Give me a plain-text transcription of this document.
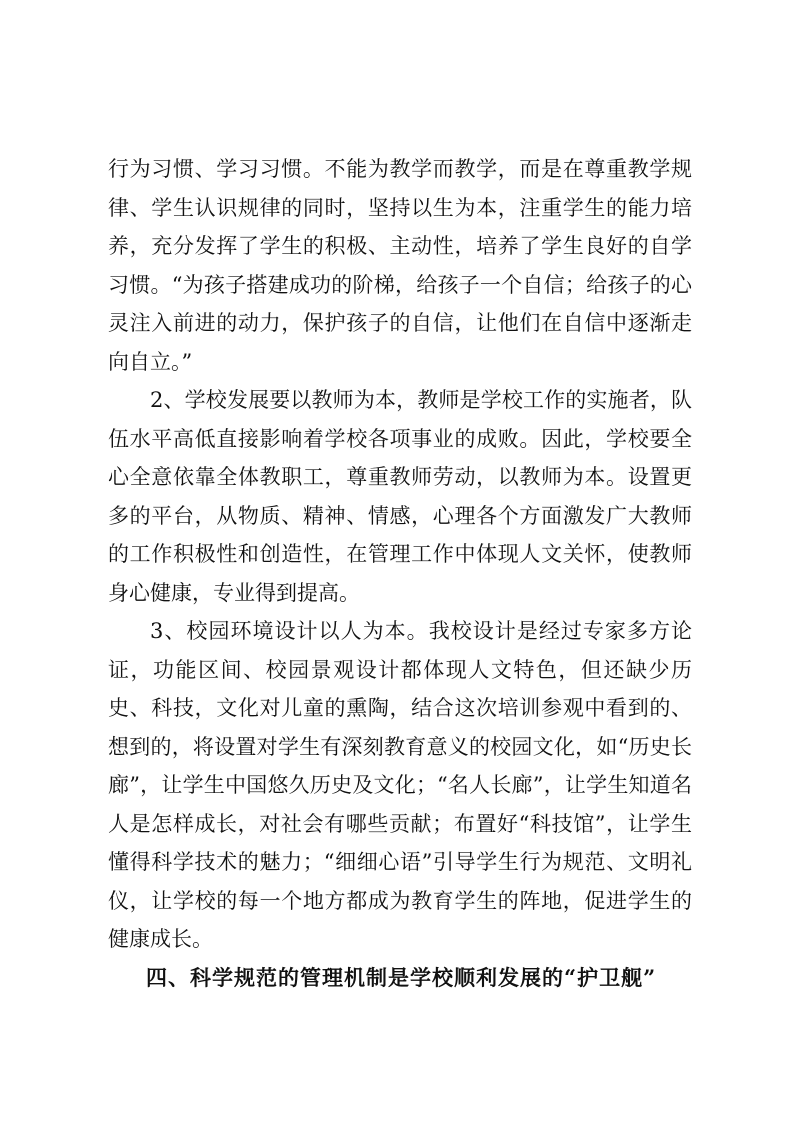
行为习惯、学习习惯。不能为教学而教学，而是在尊重教学规律、学生认识规律的同时，坚持以生为本，注重学生的能力培养，充分发挥了学生的积极、主动性，培养了学生良好的自学习惯。“为孩子搭建成功的阶梯，给孩子一个自信；给孩子的心灵注入前进的动力，保护孩子的自信，让他们在自信中逐渐走向自立。”

2、学校发展要以教师为本，教师是学校工作的实施者，队伍水平高低直接影响着学校各项事业的成败。因此，学校要全心全意依靠全体教职工，尊重教师劳动，以教师为本。设置更多的平台，从物质、精神、情感，心理各个方面激发广大教师的工作积极性和创造性，在管理工作中体现人文关怀，使教师身心健康，专业得到提高。

3、校园环境设计以人为本。我校设计是经过专家多方论证，功能区间、校园景观设计都体现人文特色，但还缺少历史、科技，文化对儿童的熏陶，结合这次培训参观中看到的、想到的，将设置对学生有深刻教育意义的校园文化，如“历史长廊”，让学生中国悠久历史及文化；“名人长廊”，让学生知道名人是怎样成长，对社会有哪些贡献；布置好“科技馆”，让学生懂得科学技术的魅力；“细细心语”引导学生行为规范、文明礼仪，让学校的每一个地方都成为教育学生的阵地，促进学生的健康成长。

四、科学规范的管理机制是学校顺利发展的“护卫舰”
